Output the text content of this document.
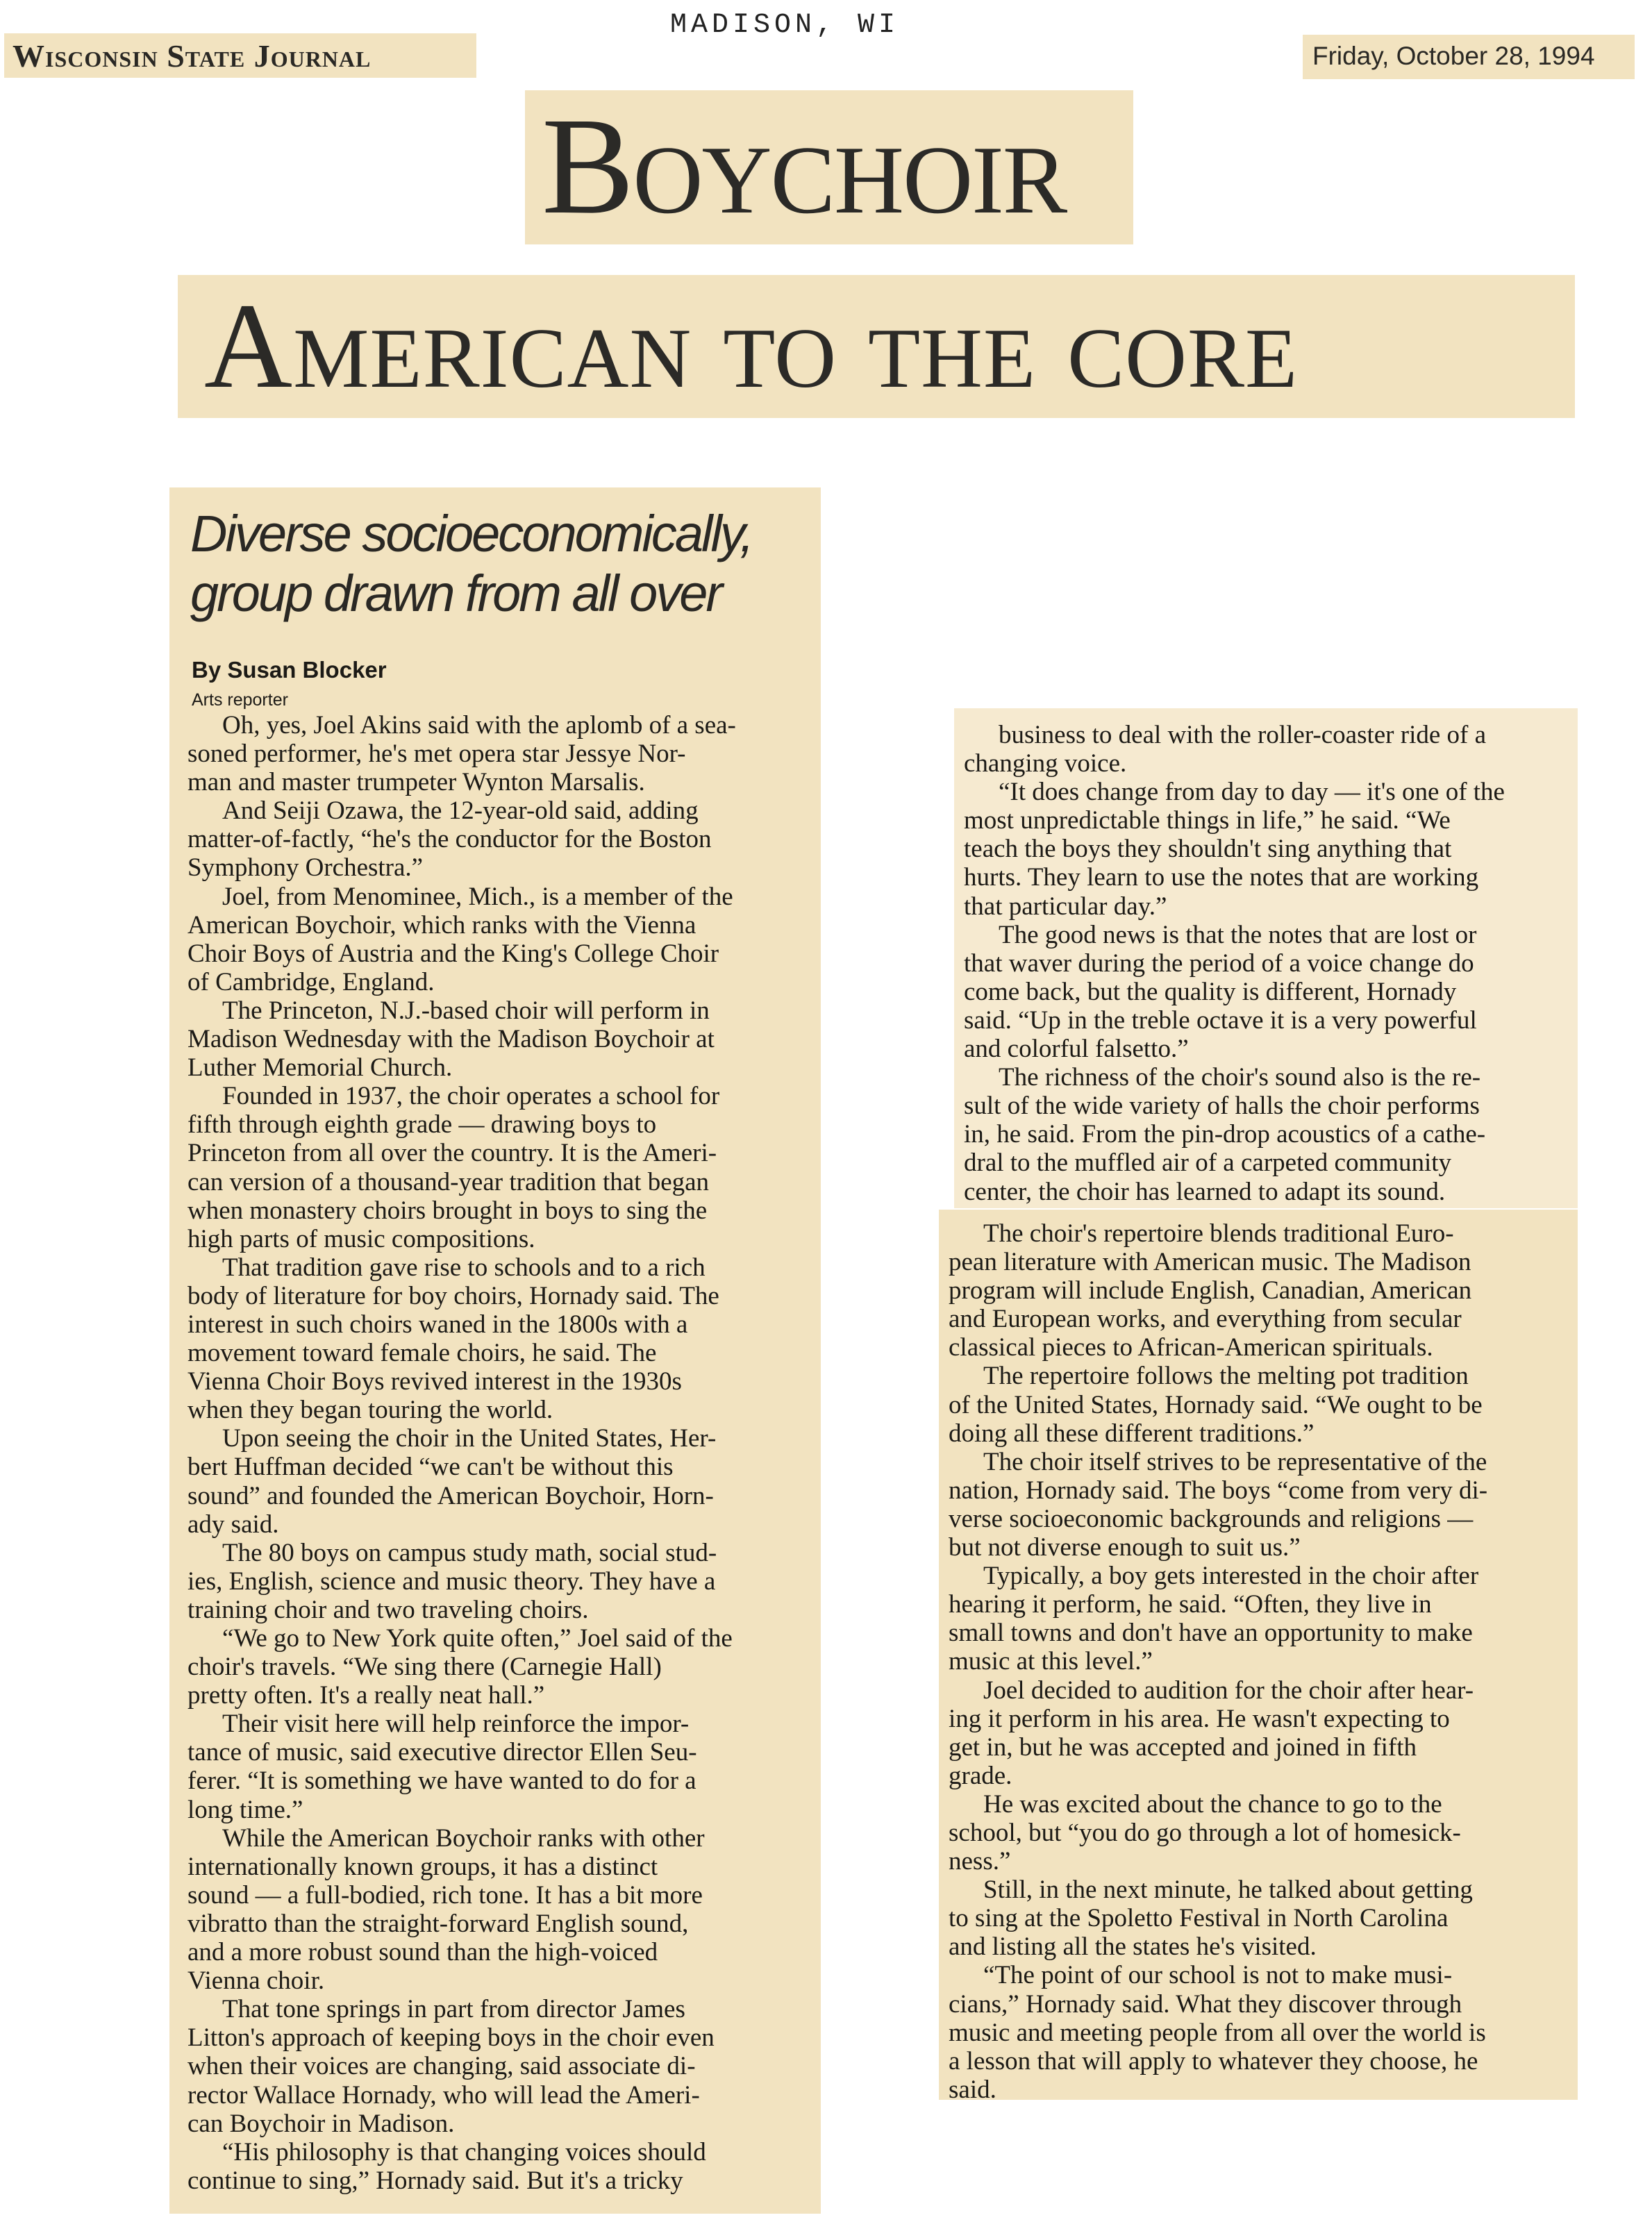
MADISON, WI
Wisconsin State Journal	Friday, October 28, 1994
Boychoir
American to the core
Diverse socioeconomically,
group drawn from all over
By Susan Blocker
Arts reporter

Oh, yes, Joel Akins said with the aplomb of a sea-
soned performer, he's met opera star Jessye Nor-
man and master trumpeter Wynton Marsalis.

And Seiji Ozawa, the 12-year-old said, adding
matter-of-factly, “he's the conductor for the Boston
Symphony Orchestra.”

Joel, from Menominee, Mich., is a member of the
American Boychoir, which ranks with the Vienna
Choir Boys of Austria and the King's College Choir
of Cambridge, England.

The Princeton, N.J.-based choir will perform in
Madison Wednesday with the Madison Boychoir at
Luther Memorial Church.

Founded in 1937, the choir operates a school for
fifth through eighth grade — drawing boys to
Princeton from all over the country. It is the Ameri-
can version of a thousand-year tradition that began
when monastery choirs brought in boys to sing the
high parts of music compositions.

That tradition gave rise to schools and to a rich
body of literature for boy choirs, Hornady said. The
interest in such choirs waned in the 1800s with a
movement toward female choirs, he said. The
Vienna Choir Boys revived interest in the 1930s
when they began touring the world.

Upon seeing the choir in the United States, Her-
bert Huffman decided “we can't be without this
sound” and founded the American Boychoir, Horn-
ady said.

The 80 boys on campus study math, social stud-
ies, English, science and music theory. They have a
training choir and two traveling choirs.

“We go to New York quite often,” Joel said of the
choir's travels. “We sing there (Carnegie Hall)
pretty often. It's a really neat hall.”

Their visit here will help reinforce the impor-
tance of music, said executive director Ellen Seu-
ferer. “It is something we have wanted to do for a
long time.”

While the American Boychoir ranks with other
internationally known groups, it has a distinct
sound — a full-bodied, rich tone. It has a bit more
vibratto than the straight-forward English sound,
and a more robust sound than the high-voiced
Vienna choir.

That tone springs in part from director James
Litton's approach of keeping boys in the choir even
when their voices are changing, said associate di-
rector Wallace Hornady, who will lead the Ameri-
can Boychoir in Madison.

“His philosophy is that changing voices should
continue to sing,” Hornady said. But it's a tricky

business to deal with the roller-coaster ride of a
changing voice.

“It does change from day to day — it's one of the
most unpredictable things in life,” he said. “We
teach the boys they shouldn't sing anything that
hurts. They learn to use the notes that are working
that particular day.”

The good news is that the notes that are lost or
that waver during the period of a voice change do
come back, but the quality is different, Hornady
said. “Up in the treble octave it is a very powerful
and colorful falsetto.”

The richness of the choir's sound also is the re-
sult of the wide variety of halls the choir performs
in, he said. From the pin-drop acoustics of a cathe-
dral to the muffled air of a carpeted community
center, the choir has learned to adapt its sound.

The choir's repertoire blends traditional Euro-
pean literature with American music. The Madison
program will include English, Canadian, American
and European works, and everything from secular
classical pieces to African-American spirituals.

The repertoire follows the melting pot tradition
of the United States, Hornady said. “We ought to be
doing all these different traditions.”

The choir itself strives to be representative of the
nation, Hornady said. The boys “come from very di-
verse socioeconomic backgrounds and religions —
but not diverse enough to suit us.”

Typically, a boy gets interested in the choir after
hearing it perform, he said. “Often, they live in
small towns and don't have an opportunity to make
music at this level.”

Joel decided to audition for the choir after hear-
ing it perform in his area. He wasn't expecting to
get in, but he was accepted and joined in fifth
grade.

He was excited about the chance to go to the
school, but “you do go through a lot of homesick-
ness.”

Still, in the next minute, he talked about getting
to sing at the Spoletto Festival in North Carolina
and listing all the states he's visited.

“The point of our school is not to make musi-
cians,” Hornady said. What they discover through
music and meeting people from all over the world is
a lesson that will apply to whatever they choose, he
said.
